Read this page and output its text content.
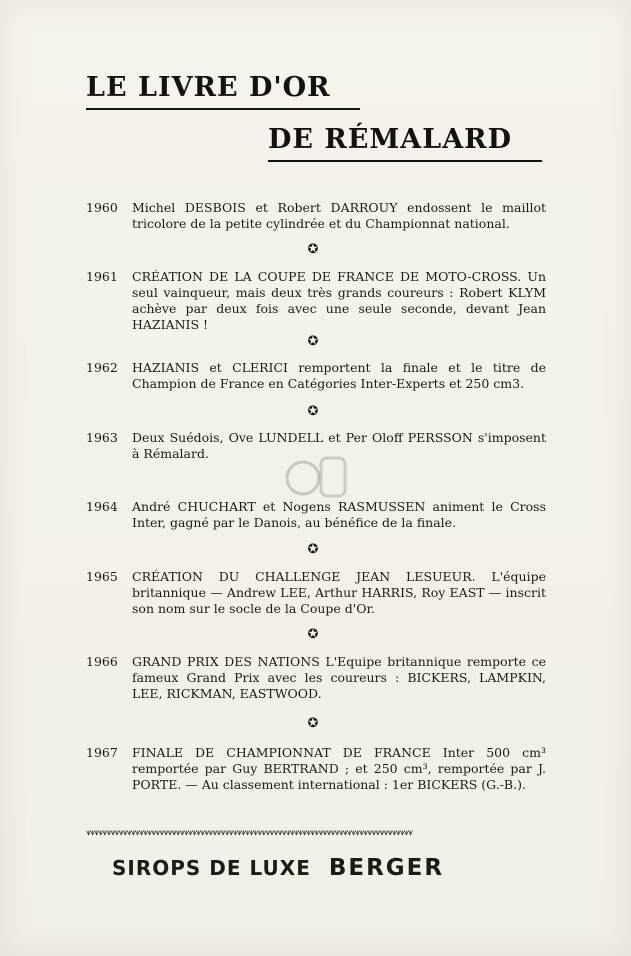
LE LIVRE D'OR
DE RÉMALARD
1960	Michel DESBOIS et Robert DARROUY endossent le maillot tricolore de la petite cylindrée et du Championnat national.
✪
1961	CRÉATION DE LA COUPE DE FRANCE DE MOTO-CROSS. Un seul vainqueur, mais deux très grands coureurs : Robert KLYM achève par deux fois avec une seule seconde, devant Jean HAZIANIS !
✪
1962	HAZIANIS et CLERICI remportent la finale et le titre de Champion de France en Catégories Inter-Experts et 250 cm3.
✪
1963	Deux Suédois, Ove LUNDELL et Per Oloff PERSSON s'imposent à Rémalard.
1964	André CHUCHART et Nogens RASMUSSEN animent le Cross Inter, gagné par le Danois, au bénéfice de la finale.
✪
1965	CRÉATION DU CHALLENGE JEAN LESUEUR. L'équipe britannique — Andrew LEE, Arthur HARRIS, Roy EAST — inscrit son nom sur le socle de la Coupe d'Or.
✪
1966	GRAND PRIX DES NATIONS L'Equipe britannique remporte ce fameux Grand Prix avec les coureurs : BICKERS, LAMPKIN, LEE, RICKMAN, EASTWOOD.
✪
1967	FINALE DE CHAMPIONNAT DE FRANCE Inter 500 cm³ remportée par Guy BERTRAND ; et 250 cm³, remportée par J. PORTE. — Au classement international : 1er BICKERS (G.-B.).
⩛⩛⩛⩛⩛⩛⩛⩛⩛⩛⩛⩛⩛⩛⩛⩛⩛⩛⩛⩛⩛⩛⩛⩛⩛⩛⩛⩛⩛⩛⩛⩛⩛⩛⩛⩛⩛⩛⩛⩛⩛⩛⩛⩛⩛⩛⩛⩛⩛⩛⩛⩛⩛⩛⩛⩛⩛⩛⩛⩛⩛⩛⩛⩛⩛⩛⩛⩛⩛⩛⩛⩛⩛⩛⩛⩛⩛⩛⩛⩛
SIROPS DE LUXE BERGER
